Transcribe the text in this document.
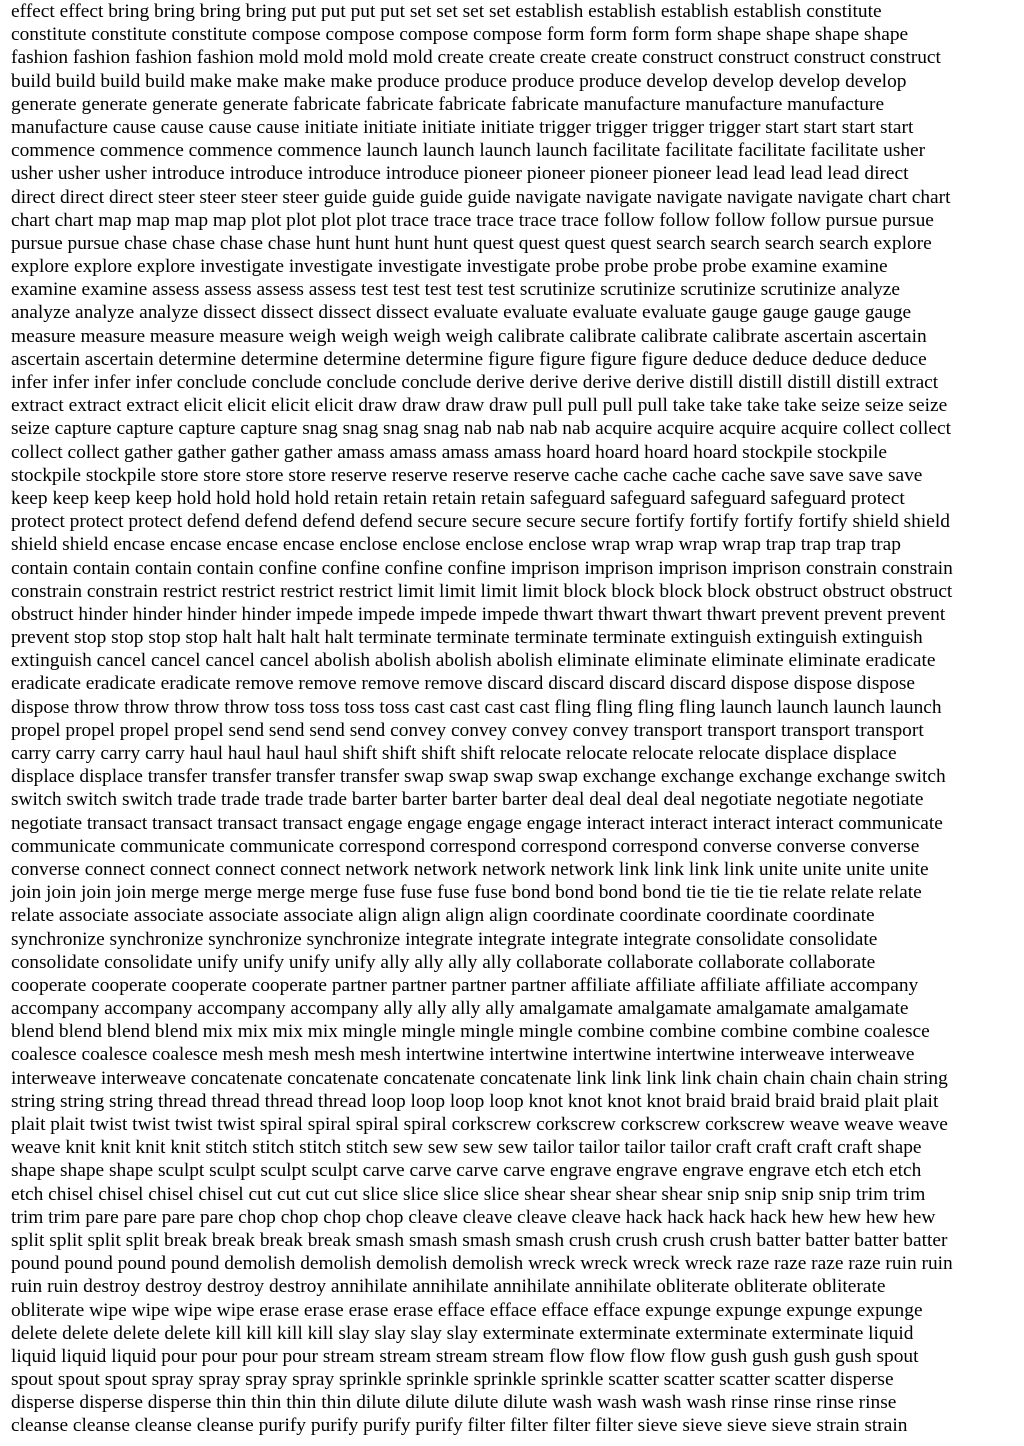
effect effect bring bring bring bring put put put put set set set set establish establish establish establish constitute
constitute constitute constitute compose compose compose compose form form form form shape shape shape shape
fashion fashion fashion fashion mold mold mold mold create create create create construct construct construct construct
build build build build make make make make produce produce produce produce develop develop develop develop
generate generate generate generate fabricate fabricate fabricate fabricate manufacture manufacture manufacture
manufacture cause cause cause cause initiate initiate initiate initiate trigger trigger trigger trigger start start start start
commence commence commence commence launch launch launch launch facilitate facilitate facilitate facilitate usher
usher usher usher introduce introduce introduce introduce pioneer pioneer pioneer pioneer lead lead lead lead direct
direct direct direct steer steer steer steer guide guide guide guide navigate navigate navigate navigate navigate chart chart
chart chart map map map map plot plot plot plot trace trace trace trace trace follow follow follow follow pursue pursue
pursue pursue chase chase chase chase hunt hunt hunt hunt quest quest quest quest search search search search explore
explore explore explore investigate investigate investigate investigate probe probe probe probe examine examine
examine examine assess assess assess assess test test test test test scrutinize scrutinize scrutinize scrutinize analyze
analyze analyze analyze dissect dissect dissect dissect evaluate evaluate evaluate evaluate gauge gauge gauge gauge
measure measure measure measure weigh weigh weigh weigh calibrate calibrate calibrate calibrate ascertain ascertain
ascertain ascertain determine determine determine determine figure figure figure figure deduce deduce deduce deduce
infer infer infer infer conclude conclude conclude conclude derive derive derive derive distill distill distill distill extract
extract extract extract elicit elicit elicit elicit draw draw draw draw pull pull pull pull take take take take seize seize seize
seize capture capture capture capture snag snag snag snag nab nab nab nab acquire acquire acquire acquire collect collect
collect collect gather gather gather gather amass amass amass amass hoard hoard hoard hoard stockpile stockpile
stockpile stockpile store store store store reserve reserve reserve reserve cache cache cache cache save save save save
keep keep keep keep hold hold hold hold retain retain retain retain safeguard safeguard safeguard safeguard protect
protect protect protect defend defend defend defend secure secure secure secure fortify fortify fortify fortify shield shield
shield shield encase encase encase encase enclose enclose enclose enclose wrap wrap wrap wrap trap trap trap trap
contain contain contain contain confine confine confine confine imprison imprison imprison imprison constrain constrain
constrain constrain restrict restrict restrict restrict limit limit limit limit block block block block obstruct obstruct obstruct
obstruct hinder hinder hinder hinder impede impede impede impede thwart thwart thwart thwart prevent prevent prevent
prevent stop stop stop stop halt halt halt halt terminate terminate terminate terminate extinguish extinguish extinguish
extinguish cancel cancel cancel cancel abolish abolish abolish abolish eliminate eliminate eliminate eliminate eradicate
eradicate eradicate eradicate remove remove remove remove discard discard discard discard dispose dispose dispose
dispose throw throw throw throw toss toss toss toss cast cast cast cast fling fling fling fling launch launch launch launch
propel propel propel propel send send send send convey convey convey convey transport transport transport transport
carry carry carry carry haul haul haul haul shift shift shift shift relocate relocate relocate relocate displace displace
displace displace transfer transfer transfer transfer swap swap swap swap exchange exchange exchange exchange switch
switch switch switch trade trade trade trade barter barter barter barter deal deal deal deal negotiate negotiate negotiate
negotiate transact transact transact transact engage engage engage engage interact interact interact interact communicate
communicate communicate communicate correspond correspond correspond correspond converse converse converse
converse connect connect connect connect network network network network link link link link unite unite unite unite
join join join join merge merge merge merge fuse fuse fuse fuse bond bond bond bond tie tie tie tie relate relate relate
relate associate associate associate associate align align align align coordinate coordinate coordinate coordinate
synchronize synchronize synchronize synchronize integrate integrate integrate integrate consolidate consolidate
consolidate consolidate unify unify unify unify ally ally ally ally collaborate collaborate collaborate collaborate
cooperate cooperate cooperate cooperate partner partner partner partner affiliate affiliate affiliate affiliate accompany
accompany accompany accompany accompany ally ally ally ally amalgamate amalgamate amalgamate amalgamate
blend blend blend blend mix mix mix mix mingle mingle mingle mingle combine combine combine combine coalesce
coalesce coalesce coalesce mesh mesh mesh mesh intertwine intertwine intertwine intertwine interweave interweave
interweave interweave concatenate concatenate concatenate concatenate link link link link chain chain chain chain string
string string string thread thread thread thread loop loop loop loop knot knot knot knot braid braid braid braid plait plait
plait plait twist twist twist twist spiral spiral spiral spiral corkscrew corkscrew corkscrew corkscrew weave weave weave
weave knit knit knit knit stitch stitch stitch stitch sew sew sew sew tailor tailor tailor tailor craft craft craft craft shape
shape shape shape sculpt sculpt sculpt sculpt carve carve carve carve engrave engrave engrave engrave etch etch etch
etch chisel chisel chisel chisel cut cut cut cut slice slice slice slice shear shear shear shear snip snip snip snip trim trim
trim trim pare pare pare pare chop chop chop chop cleave cleave cleave cleave hack hack hack hack hew hew hew hew
split split split split break break break break smash smash smash smash crush crush crush crush batter batter batter batter
pound pound pound pound demolish demolish demolish demolish wreck wreck wreck wreck raze raze raze raze ruin ruin
ruin ruin destroy destroy destroy destroy annihilate annihilate annihilate annihilate obliterate obliterate obliterate
obliterate wipe wipe wipe wipe erase erase erase erase efface efface efface efface expunge expunge expunge expunge
delete delete delete delete kill kill kill kill slay slay slay slay exterminate exterminate exterminate exterminate liquid
liquid liquid liquid pour pour pour pour stream stream stream stream flow flow flow flow gush gush gush gush spout
spout spout spout spray spray spray spray sprinkle sprinkle sprinkle sprinkle scatter scatter scatter scatter disperse
disperse disperse disperse thin thin thin thin dilute dilute dilute dilute wash wash wash wash rinse rinse rinse rinse
cleanse cleanse cleanse cleanse purify purify purify purify filter filter filter filter sieve sieve sieve sieve strain strain
